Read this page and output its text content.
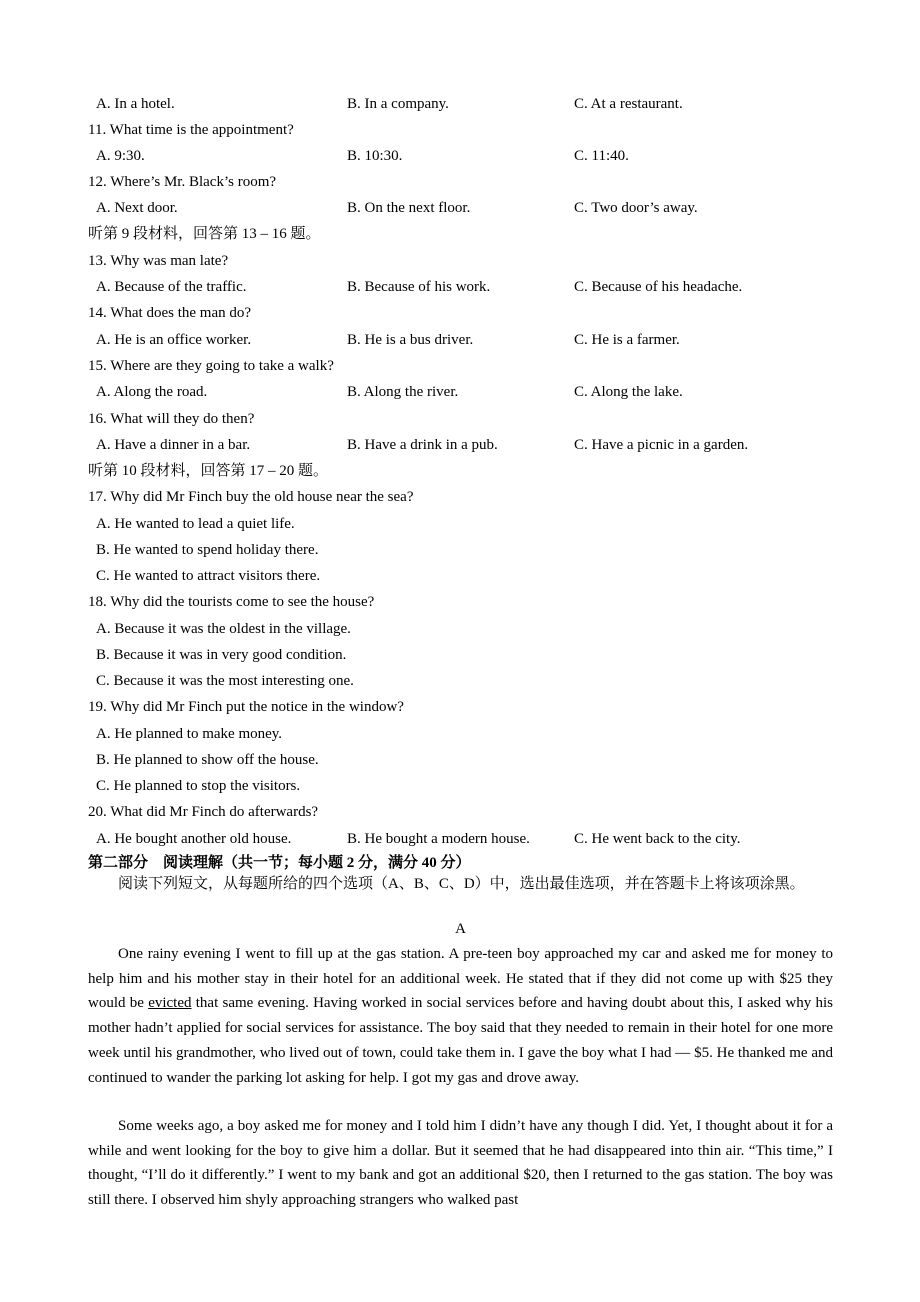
A. In a hotel.	B. In a company.	C. At a restaurant.
11. What time is the appointment?
A. 9:30.	B. 10:30.	C. 11:40.
12. Where’s Mr. Black’s room?
A. Next door.	B. On the next floor.	C. Two door’s away.
听第 9 段材料，回答第 13 – 16 题。
13. Why was man late?
A. Because of the traffic.	B. Because of his work.	C. Because of his headache.
14. What does the man do?
A. He is an office worker.	B. He is a bus driver.	C. He is a farmer.
15. Where are they going to take a walk?
A. Along the road.	B. Along the river.	C. Along the lake.
16. What will they do then?
A. Have a dinner in a bar.	B. Have a drink in a pub.	C. Have a picnic in a garden.
听第 10 段材料，回答第 17 – 20 题。
17. Why did Mr Finch buy the old house near the sea?
A. He wanted to lead a quiet life.
B. He wanted to spend holiday there.
C. He wanted to attract visitors there.
18. Why did the tourists come to see the house?
A. Because it was the oldest in the village.
B. Because it was in very good condition.
C. Because it was the most interesting one.
19. Why did Mr Finch put the notice in the window?
A. He planned to make money.
B. He planned to show off the house.
C. He planned to stop the visitors.
20. What did Mr Finch do afterwards?
A. He bought another old house.	B. He bought a modern house.	C. He went back to the city.
第二部分　阅读理解（共一节；每小题 2 分，满分 40 分）
阅读下列短文，从每题所给的四个选项（A、B、C、D）中，选出最佳选项，并在答题卡上将该项涂黑。
A
One rainy evening I went to fill up at the gas station. A pre-teen boy approached my car and asked me for money to help him and his mother stay in their hotel for an additional week. He stated that if they did not come up with $25 they would be evicted that same evening. Having worked in social services before and having doubt about this, I asked why his mother hadn’t applied for social services for assistance. The boy said that they needed to remain in their hotel for one more week until his grandmother, who lived out of town, could take them in. I gave the boy what I had — $5. He thanked me and continued to wander the parking lot asking for help. I got my gas and drove away.
Some weeks ago, a boy asked me for money and I told him I didn’t have any though I did. Yet, I thought about it for a while and went looking for the boy to give him a dollar. But it seemed that he had disappeared into thin air. “This time,” I thought, “I’ll do it differently.” I went to my bank and got an additional $20, then I returned to the gas station. The boy was still there. I observed him shyly approaching strangers who walked past
